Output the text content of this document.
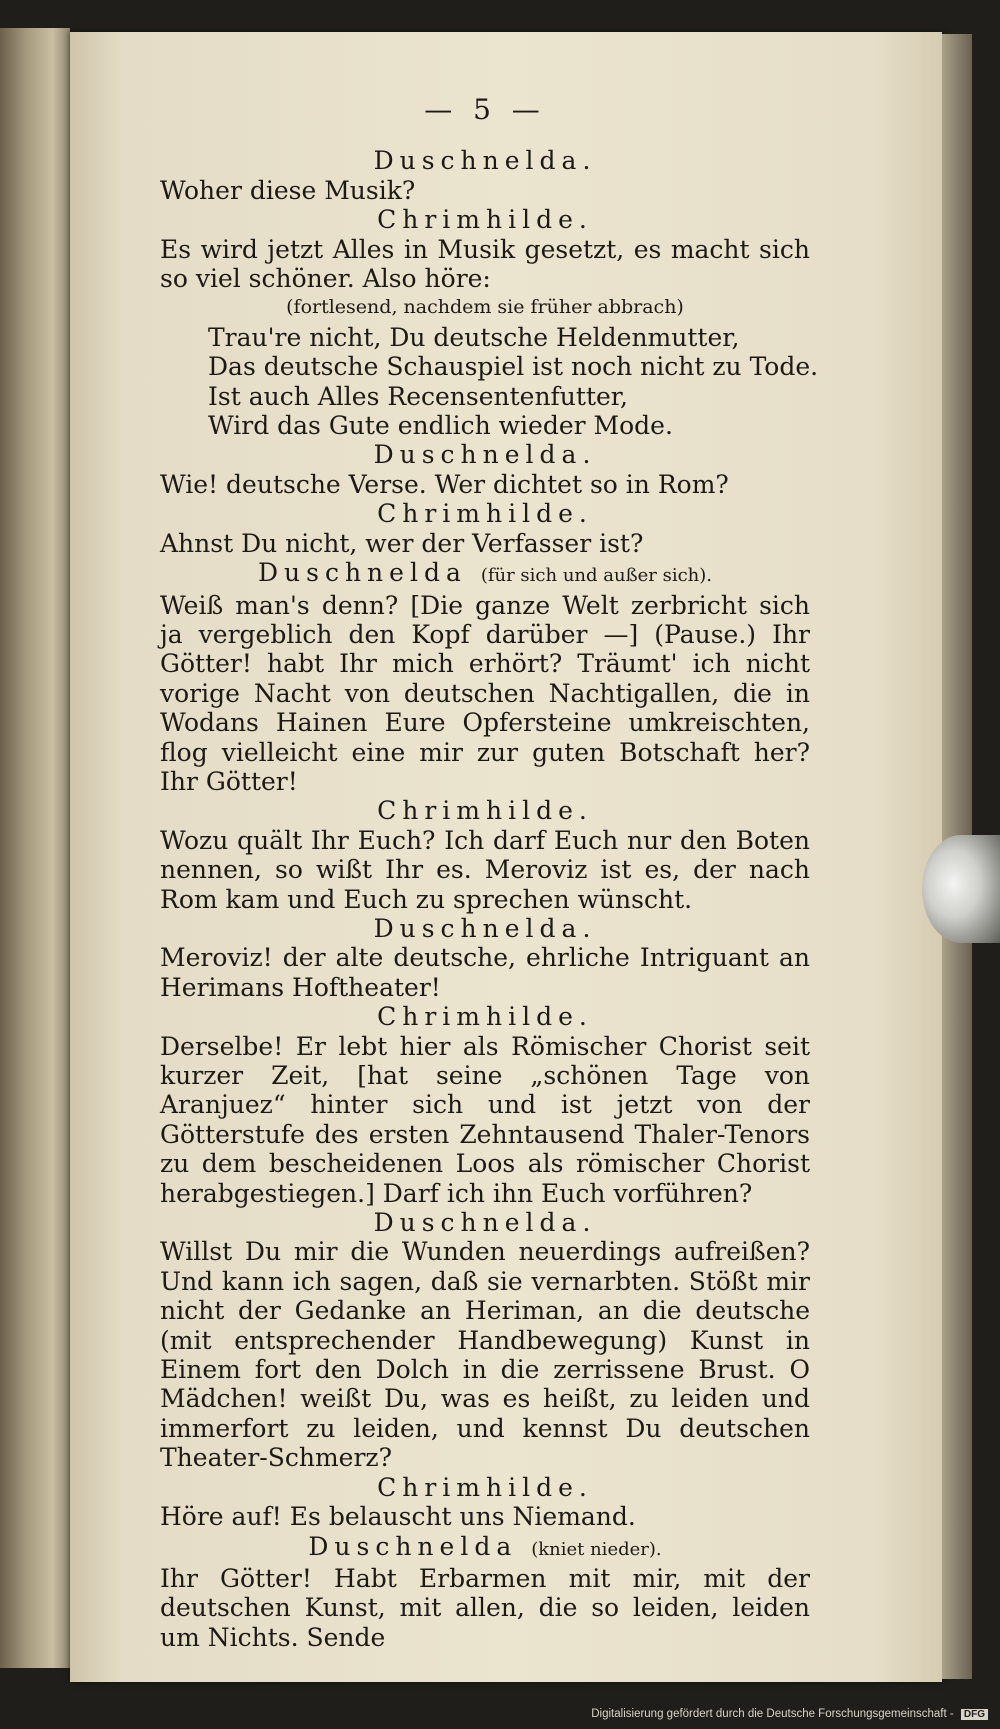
— 5 —

Duschnelda.

Woher diese Musik?

Chrimhilde.

Es wird jetzt Alles in Musik gesetzt, es macht sich so viel schöner. Also höre:

(fortlesend, nachdem sie früher abbrach)

Trau're nicht, Du deutsche Heldenmutter,

Das deutsche Schauspiel ist noch nicht zu Tode.

Ist auch Alles Recensentenfutter,

Wird das Gute endlich wieder Mode.

Duschnelda.

Wie! deutsche Verse. Wer dichtet so in Rom?

Chrimhilde.

Ahnst Du nicht, wer der Verfasser ist?

Duschnelda (für sich und außer sich).

Weiß man's denn? [Die ganze Welt zerbricht sich ja vergeblich den Kopf darüber —] (Pause.) Ihr Götter! habt Ihr mich erhört? Träumt' ich nicht vorige Nacht von deutschen Nachtigallen, die in Wodans Hainen Eure Opfersteine umkreischten, flog vielleicht eine mir zur guten Botschaft her? Ihr Götter!

Chrimhilde.

Wozu quält Ihr Euch? Ich darf Euch nur den Boten nennen, so wißt Ihr es. Meroviz ist es, der nach Rom kam und Euch zu sprechen wünscht.

Duschnelda.

Meroviz! der alte deutsche, ehrliche Intriguant an Herimans Hoftheater!

Chrimhilde.

Derselbe! Er lebt hier als Römischer Chorist seit kurzer Zeit, [hat seine „schönen Tage von Aranjuez“ hinter sich und ist jetzt von der Götterstufe des ersten Zehntausend Thaler-Tenors zu dem bescheidenen Loos als römischer Chorist herabgestiegen.] Darf ich ihn Euch vorführen?

Duschnelda.

Willst Du mir die Wunden neuerdings aufreißen? Und kann ich sagen, daß sie vernarbten. Stößt mir nicht der Gedanke an Heriman, an die deutsche (mit entsprechender Handbewegung) Kunst in Einem fort den Dolch in die zerrissene Brust. O Mädchen! weißt Du, was es heißt, zu leiden und immerfort zu leiden, und kennst Du deutschen Theater-Schmerz?

Chrimhilde.

Höre auf! Es belauscht uns Niemand.

Duschnelda (kniet nieder).

Ihr Götter! Habt Erbarmen mit mir, mit der deutschen Kunst, mit allen, die so leiden, leiden um Nichts. Sende

Digitalisierung gefördert durch die Deutsche Forschungsgemeinschaft - DFG
